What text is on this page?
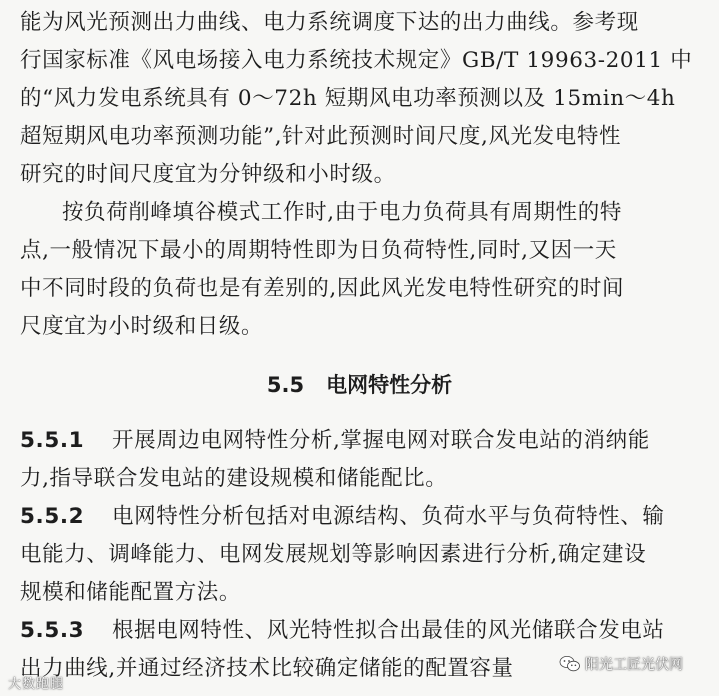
能为风光预测出力曲线、电力系统调度下达的出力曲线。参考现
行国家标准《风电场接入电力系统技术规定》GB/T 19963-2011 中
的“风力发电系统具有 0～72h 短期风电功率预测以及 15min～4h
超短期风电功率预测功能”,针对此预测时间尺度,风光发电特性
研究的时间尺度宜为分钟级和小时级。
按负荷削峰填谷模式工作时,由于电力负荷具有周期性的特
点,一般情况下最小的周期特性即为日负荷特性,同时,又因一天
中不同时段的负荷也是有差别的,因此风光发电特性研究的时间
尺度宜为小时级和日级。
5.5 电网特性分析
5.5.1 开展周边电网特性分析,掌握电网对联合发电站的消纳能
力,指导联合发电站的建设规模和储能配比。
5.5.2 电网特性分析包括对电源结构、负荷水平与负荷特性、输
电能力、调峰能力、电网发展规划等影响因素进行分析,确定建设
规模和储能配置方法。
5.5.3 根据电网特性、风光特性拟合出最佳的风光储联合发电站
出力曲线,并通过经济技术比较确定储能的配置容量
大数跑腿
阳光工匠光伏网
